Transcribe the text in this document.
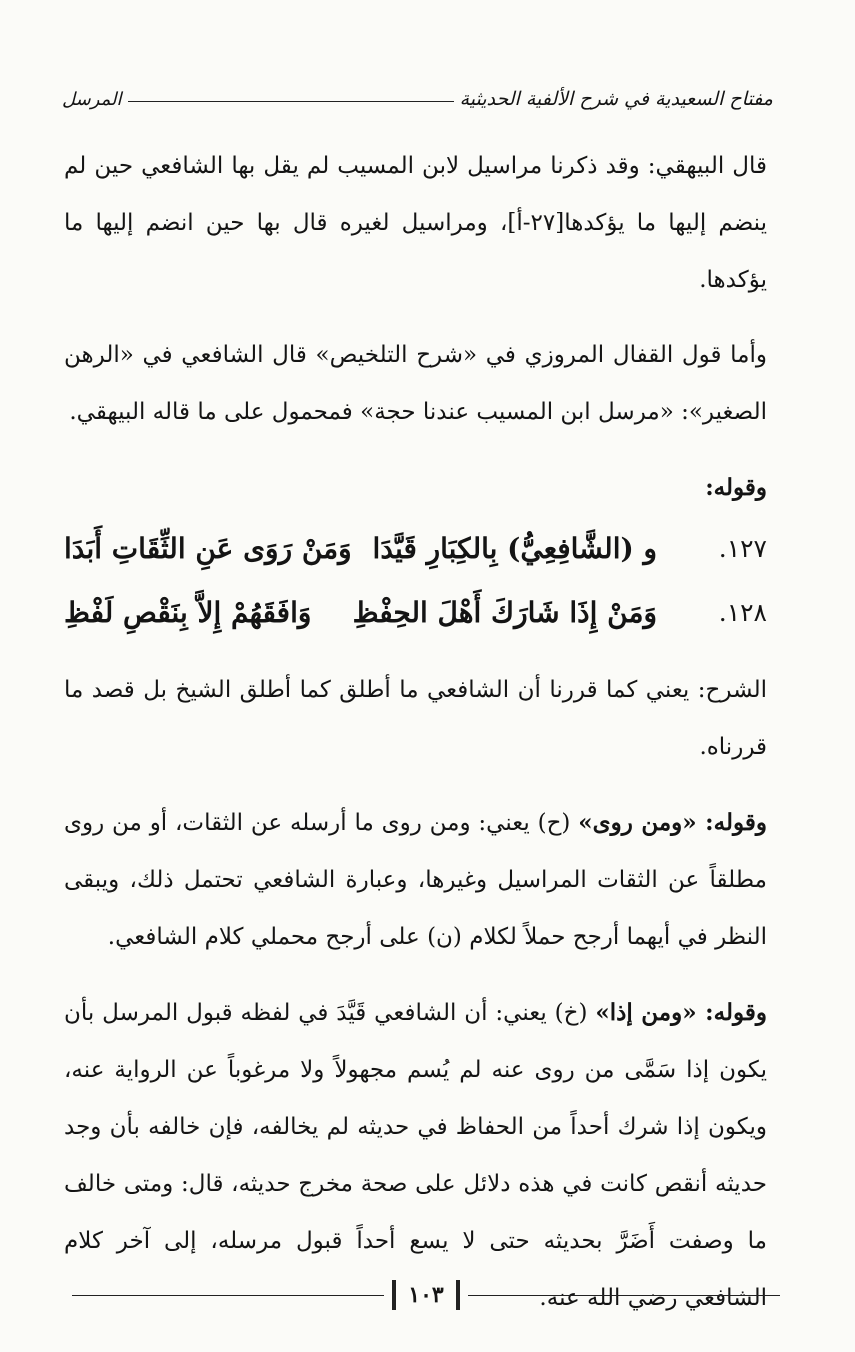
مفتاح السعيدية في شرح الألفية الحديثية
المرسل

قال البيهقي: وقد ذكرنا مراسيل لابن المسيب لم يقل بها الشافعي حين لم ينضم إليها ما يؤكدها[٢٧-أ]، ومراسيل لغيره قال بها حين انضم إليها ما يؤكدها.

وأما قول القفال المروزي في «شرح التلخيص» قال الشافعي في «الرهن الصغير»: «مرسل ابن المسيب عندنا حجة» فمحمول على ما قاله البيهقي.

وقوله:

١٢٧.
و (الشَّافِعِيُّ) بِالكِبَارِ قَيَّدَا
وَمَنْ رَوَى عَنِ الثِّقَاتِ أَبَدَا
١٢٨.
وَمَنْ إِذَا شَارَكَ أَهْلَ الحِفْظِ
وَافَقَهُمْ إِلاَّ بِنَقْصِ لَفْظِ

الشرح: يعني كما قررنا أن الشافعي ما أطلق كما أطلق الشيخ بل قصد ما قررناه.

وقوله: «ومن روى» (ح) يعني: ومن روى ما أرسله عن الثقات، أو من روى مطلقاً عن الثقات المراسيل وغيرها، وعبارة الشافعي تحتمل ذلك، ويبقى النظر في أيهما أرجح حملاً لكلام (ن) على أرجح محملي كلام الشافعي.

وقوله: «ومن إذا» (خ) يعني: أن الشافعي قَيَّدَ في لفظه قبول المرسل بأن يكون إذا سَمَّى من روى عنه لم يُسم مجهولاً ولا مرغوباً عن الرواية عنه، ويكون إذا شرك أحداً من الحفاظ في حديثه لم يخالفه، فإن خالفه بأن وجد حديثه أنقص كانت في هذه دلائل على صحة مخرج حديثه، قال: ومتى خالف ما وصفت أَضَرَّ بحديثه حتى لا يسع أحداً قبول مرسله، إلى آخر كلام الشافعي رضي الله عنه.

١٠٣
